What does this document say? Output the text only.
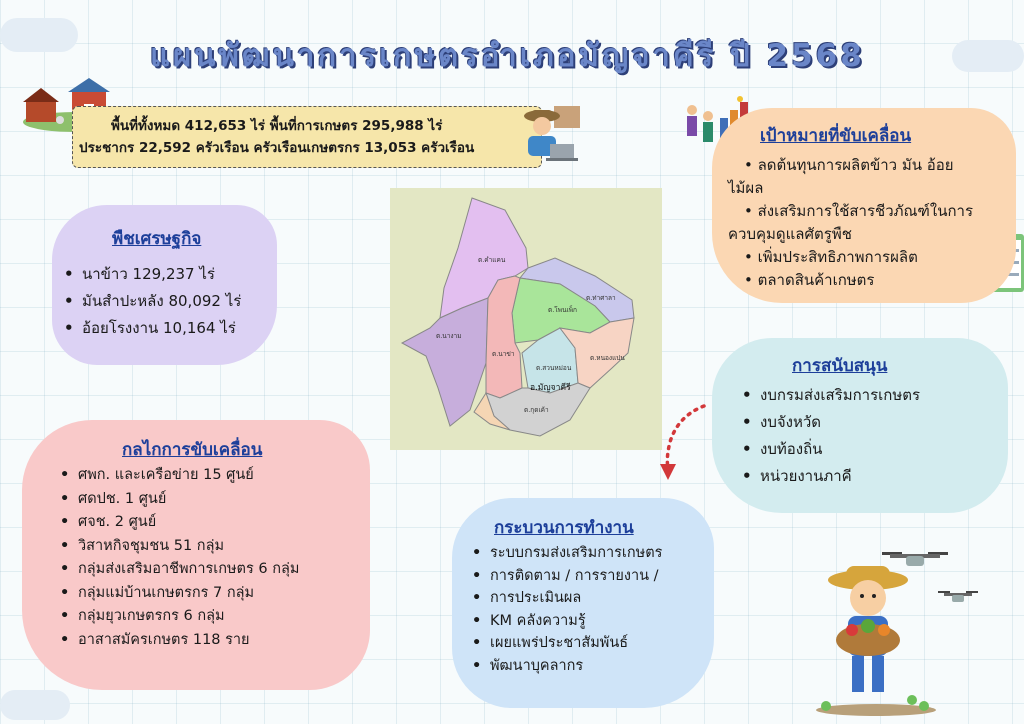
แผนพัฒนาการเกษตรอำเภอมัญจาคีรี ปี 2568
พื้นที่ทั้งหมด 412,653 ไร่ พื้นที่การเกษตร 295,988 ไร่
ประชากร 22,592 ครัวเรือน ครัวเรือนเกษตรกร 13,053 ครัวเรือน
พืชเศรษฐกิจ
• นาข้าว 129,237 ไร่
• มันสำปะหลัง 80,092 ไร่
• อ้อยโรงงาน 10,164 ไร่
ต.คำแคน
ต.ท่าศาลา
ต.โพนเพ็ก
ต.นาข่า
ต.นางาม
ต.สวนหม่อน
ต.หนองแปน
ต.กุดเค้า
อ.มัญจาคีรี
เป้าหมายที่ขับเคลื่อน
• ลดต้นทุนการผลิตข้าว มัน อ้อย
ไม้ผล
• ส่งเสริมการใช้สารชีวภัณฑ์ในการ
ควบคุมดูแลศัตรูพืช
• เพิ่มประสิทธิภาพการผลิต
• ตลาดสินค้าเกษตร
การสนับสนุน
• งบกรมส่งเสริมการเกษตร
• งบจังหวัด
• งบท้องถิ่น
• หน่วยงานภาคี
กลไกการขับเคลื่อน
• ศพก. และเครือข่าย 15 ศูนย์
• ศดปช. 1 ศูนย์
• ศจช. 2 ศูนย์
• วิสาหกิจชุมชน 51 กลุ่ม
• กลุ่มส่งเสริมอาชีพการเกษตร 6 กลุ่ม
• กลุ่มแม่บ้านเกษตรกร 7 กลุ่ม
• กลุ่มยุวเกษตรกร 6 กลุ่ม
• อาสาสมัครเกษตร 118 ราย
กระบวนการทำงาน
• ระบบกรมส่งเสริมการเกษตร
• การติดตาม / การรายงาน /
• การประเมินผล
• KM คลังความรู้
• เผยแพร่ประชาสัมพันธ์
• พัฒนาบุคลากร
